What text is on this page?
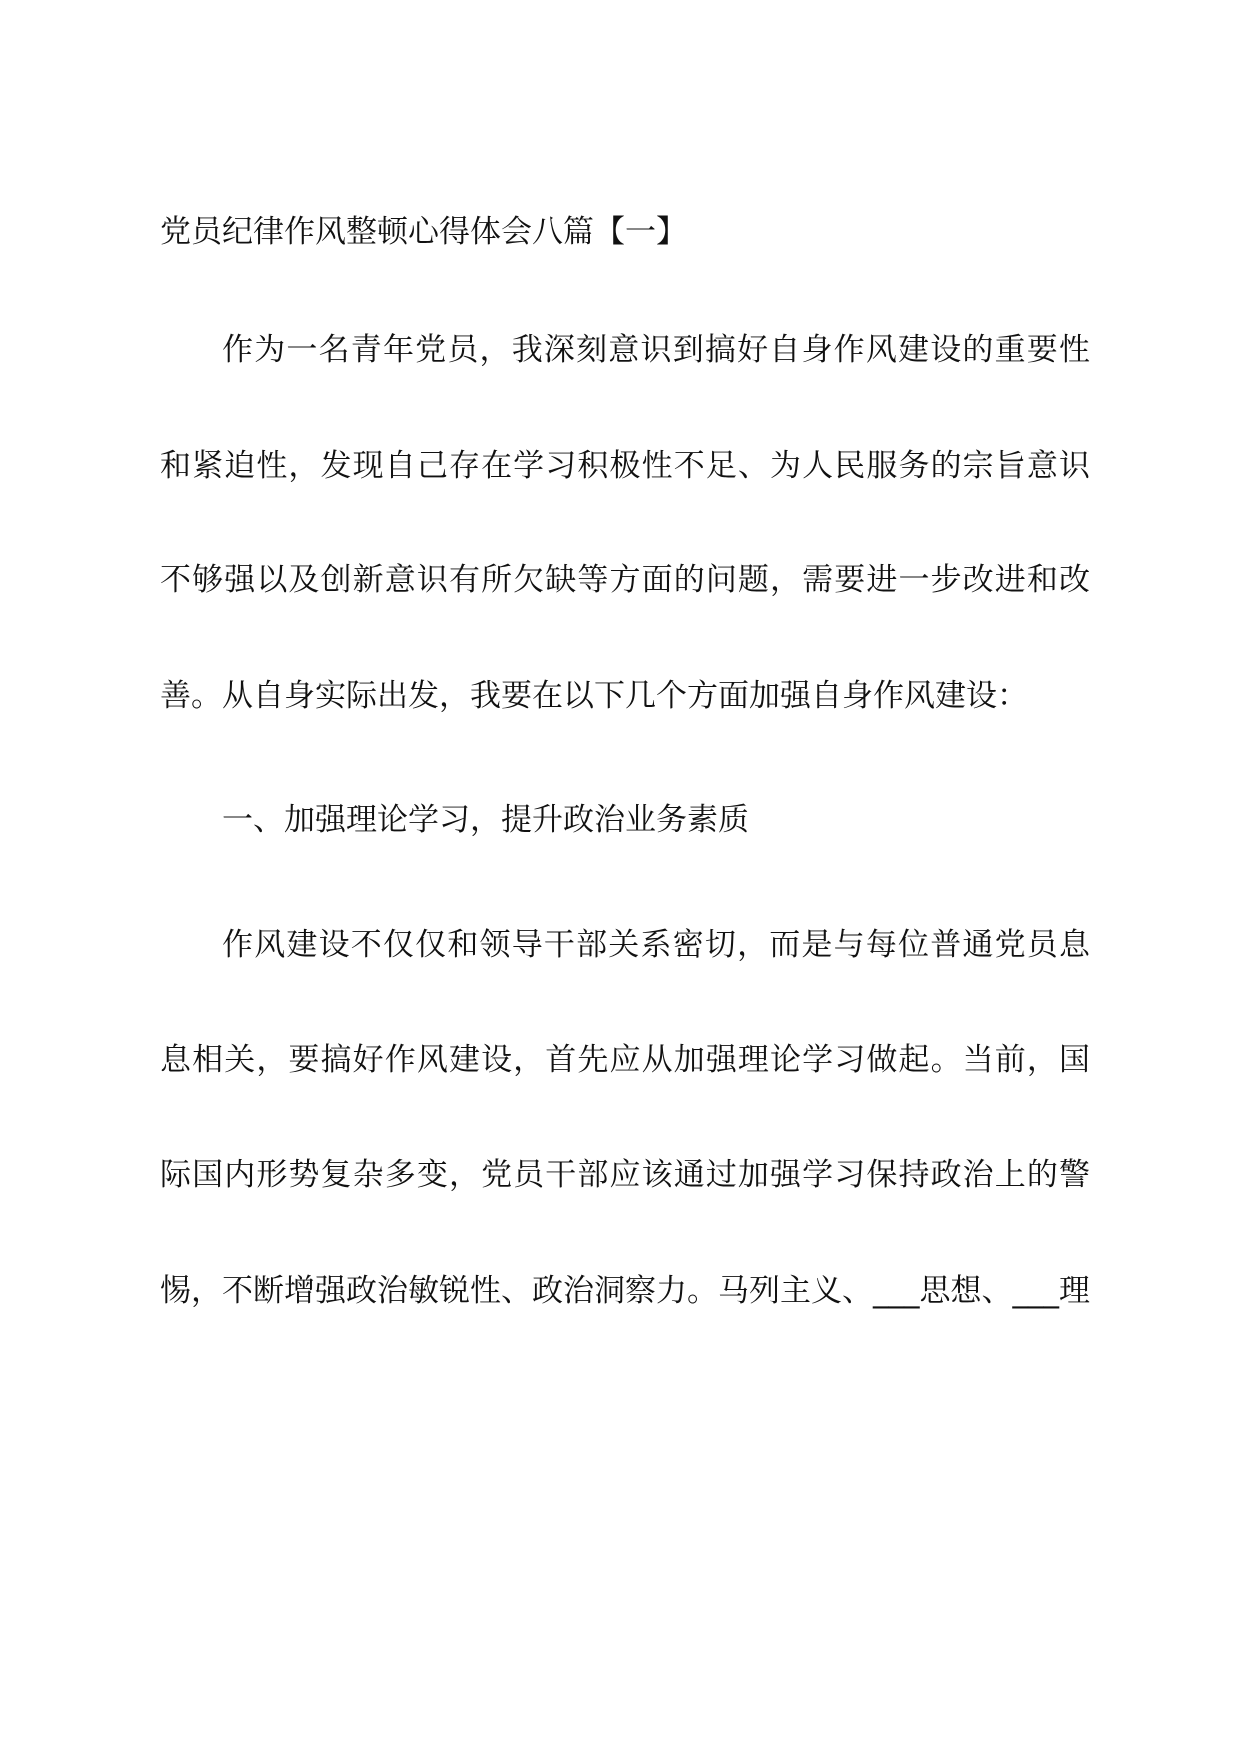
党员纪律作风整顿心得体会八篇【一】
作为一名青年党员，我深刻意识到搞好自身作风建设的重要性
和紧迫性，发现自己存在学习积极性不足、为人民服务的宗旨意识
不够强以及创新意识有所欠缺等方面的问题，需要进一步改进和改
善。从自身实际出发，我要在以下几个方面加强自身作风建设：
一、加强理论学习，提升政治业务素质
作风建设不仅仅和领导干部关系密切，而是与每位普通党员息
息相关，要搞好作风建设，首先应从加强理论学习做起。当前，国
际国内形势复杂多变，党员干部应该通过加强学习保持政治上的警
惕，不断增强政治敏锐性、政治洞察力。马列主义、___思想、___理
